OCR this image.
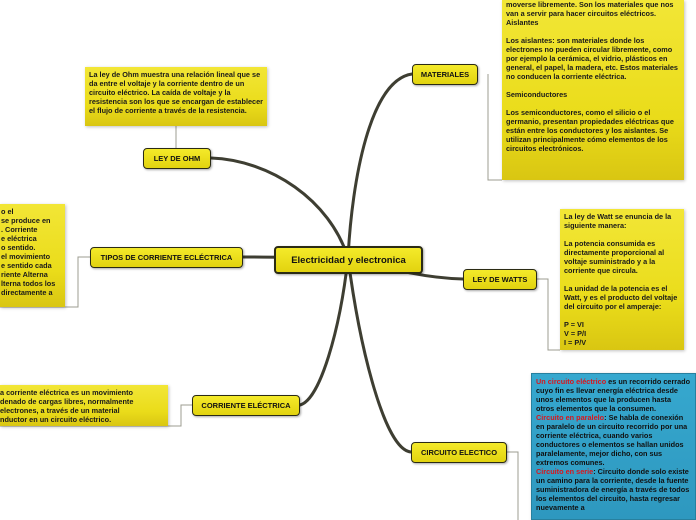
La ley de Ohm muestra una relación lineal que se da entre el voltaje y la corriente dentro de un circuito eléctrico. La caída de voltaje y la resistencia son los que se encargan de establecer el flujo de corriente a través de la resistencia.

moverse libremente. Son los materiales que nos van a servir para hacer circuitos eléctricos.

Aislantes

Los aislantes: son materiales donde los electrones no pueden circular libremente, como por ejemplo la cerámica, el vidrio, plásticos en general, el papel, la madera, etc. Estos materiales no conducen la corriente eléctrica.

Semiconductores

Los semiconductores, como el silicio o el germanio, presentan propiedades eléctricas que están entre los conductores y los aislantes. Se utilizan principalmente cómo elementos de los circuitos electrónicos.

o el

se produce en

. Corriente

e eléctrica

o sentido.

el movimiento

e sentido cada

riente Alterna

lterna todos los

directamente a

La ley de Watt se enuncia de la siguiente manera:

La potencia consumida es directamente proporcional al voltaje suministrado y a la corriente que circula.

La unidad de la potencia es el Watt, y es el producto del voltaje del circuito por el amperaje:

P = VI

V = P/I

I = P/V

a corriente eléctrica es un movimiento

denado de cargas libres, normalmente

electrones, a través de un material

nductor en un circuito eléctrico.

Un circuito eléctrico es un recorrido cerrado cuyo fin es llevar energía eléctrica desde unos elementos que la producen hasta otros elementos que la consumen.

Circuito en paralelo: Se habla de conexión en paralelo de un circuito recorrido por una corriente eléctrica, cuando varios conductores o elementos se hallan unidos paralelamente, mejor dicho, con sus extremos comunes.

Circuito en serie: Circuito donde solo existe un camino para la corriente, desde la fuente suministradora de energía a través de todos los elementos del circuito, hasta regresar nuevamente a

Electricidad y electronica
LEY DE OHM
MATERIALES
TIPOS DE CORRIENTE ECLÉCTRICA
LEY DE WATTS
CORRIENTE ELÉCTRICA
CIRCUITO ELECTICO
